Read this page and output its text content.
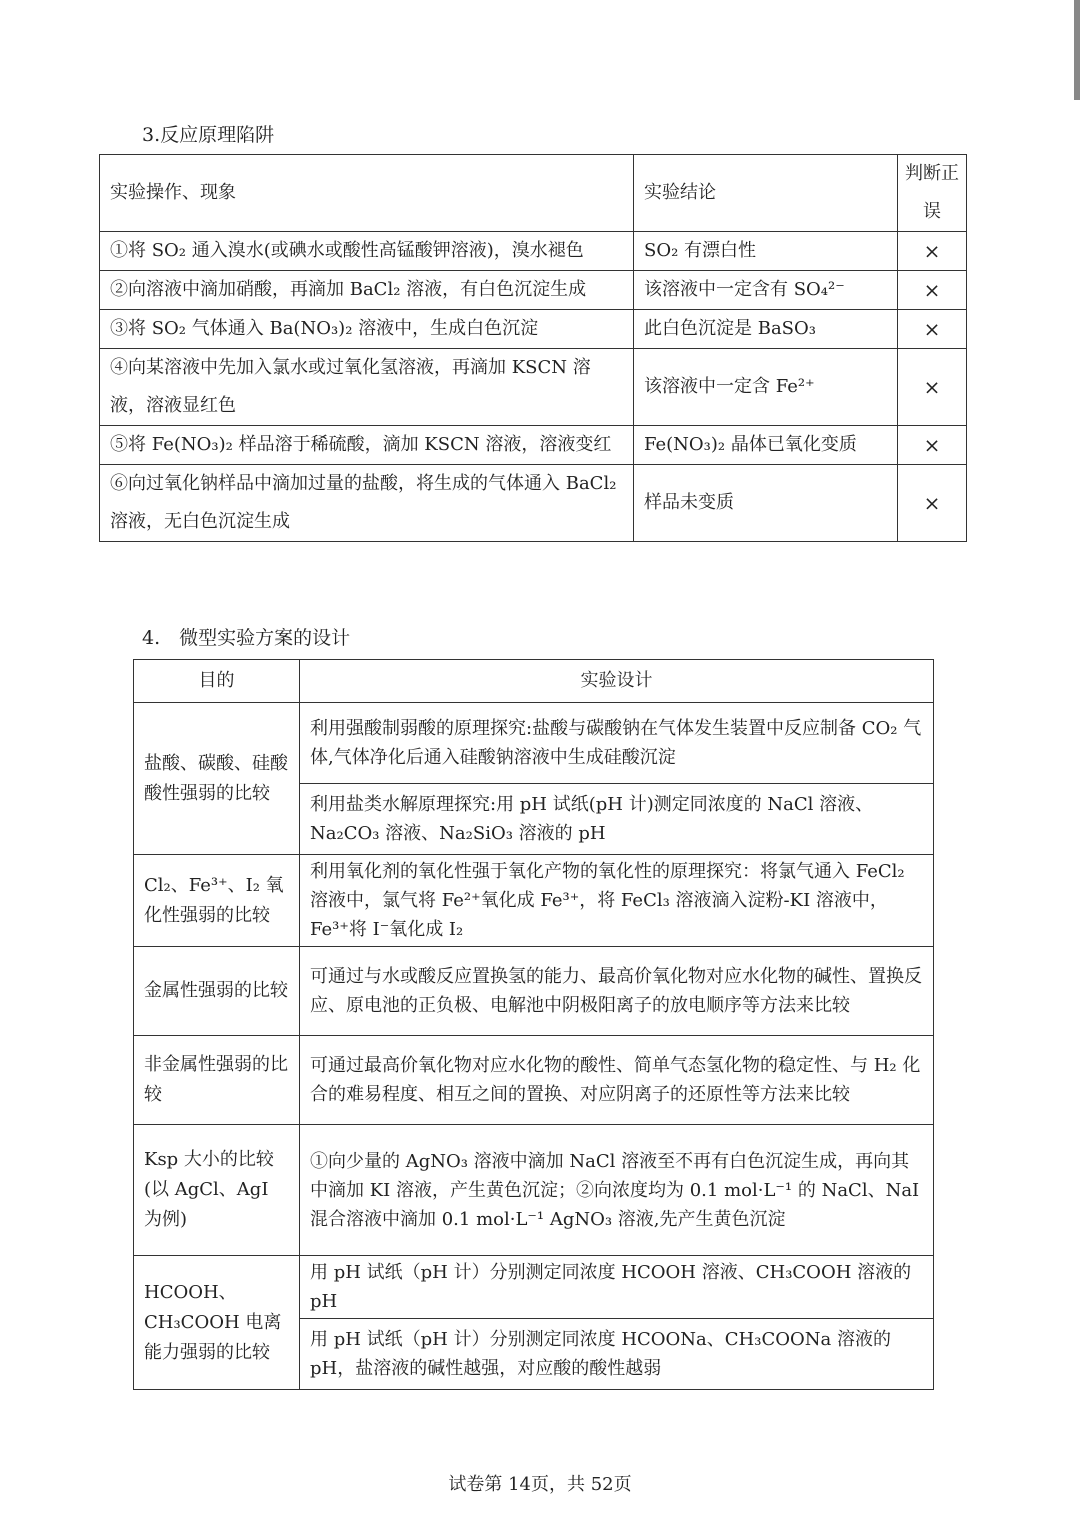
3.反应原理陷阱
实验操作、现象	实验结论	判断正误
①将 SO₂ 通入溴水(或碘水或酸性高锰酸钾溶液)，溴水褪色	SO₂ 有漂白性	×
②向溶液中滴加硝酸，再滴加 BaCl₂ 溶液，有白色沉淀生成	该溶液中一定含有 SO₄²⁻	×
③将 SO₂ 气体通入 Ba(NO₃)₂ 溶液中，生成白色沉淀	此白色沉淀是 BaSO₃	×
④向某溶液中先加入氯水或过氧化氢溶液，再滴加 KSCN 溶液，溶液显红色	该溶液中一定含 Fe²⁺	×
⑤将 Fe(NO₃)₂ 样品溶于稀硫酸，滴加 KSCN 溶液，溶液变红	Fe(NO₃)₂ 晶体已氧化变质	×
⑥向过氧化钠样品中滴加过量的盐酸，将生成的气体通入 BaCl₂ 溶液，无白色沉淀生成	样品未变质	×
4.　微型实验方案的设计
目的	实验设计
盐酸、碳酸、硅酸酸性强弱的比较	利用强酸制弱酸的原理探究:盐酸与碳酸钠在气体发生装置中反应制备 CO₂ 气体,气体净化后通入硅酸钠溶液中生成硅酸沉淀
	利用盐类水解原理探究:用 pH 试纸(pH 计)测定同浓度的 NaCl 溶液、Na₂CO₃ 溶液、Na₂SiO₃ 溶液的 pH
Cl₂、Fe³⁺、I₂ 氧化性强弱的比较	利用氧化剂的氧化性强于氧化产物的氧化性的原理探究：将氯气通入 FeCl₂ 溶液中，氯气将 Fe²⁺氧化成 Fe³⁺，将 FeCl₃ 溶液滴入淀粉-KI 溶液中，Fe³⁺将 I⁻氧化成 I₂
金属性强弱的比较	可通过与水或酸反应置换氢的能力、最高价氧化物对应水化物的碱性、置换反应、原电池的正负极、电解池中阴极阳离子的放电顺序等方法来比较
非金属性强弱的比较	可通过最高价氧化物对应水化物的酸性、简单气态氢化物的稳定性、与 H₂ 化合的难易程度、相互之间的置换、对应阴离子的还原性等方法来比较
Ksp 大小的比较(以 AgCl、AgI 为例)	①向少量的 AgNO₃ 溶液中滴加 NaCl 溶液至不再有白色沉淀生成，再向其中滴加 KI 溶液，产生黄色沉淀；②向浓度均为 0.1 mol·L⁻¹ 的 NaCl、NaI 混合溶液中滴加 0.1 mol·L⁻¹ AgNO₃ 溶液,先产生黄色沉淀
HCOOH、CH₃COOH 电离能力强弱的比较	用 pH 试纸（pH 计）分别测定同浓度 HCOOH 溶液、CH₃COOH 溶液的 pH
	用 pH 试纸（pH 计）分别测定同浓度 HCOONa、CH₃COONa 溶液的 pH，盐溶液的碱性越强，对应酸的酸性越弱
试卷第 14页，共 52页
